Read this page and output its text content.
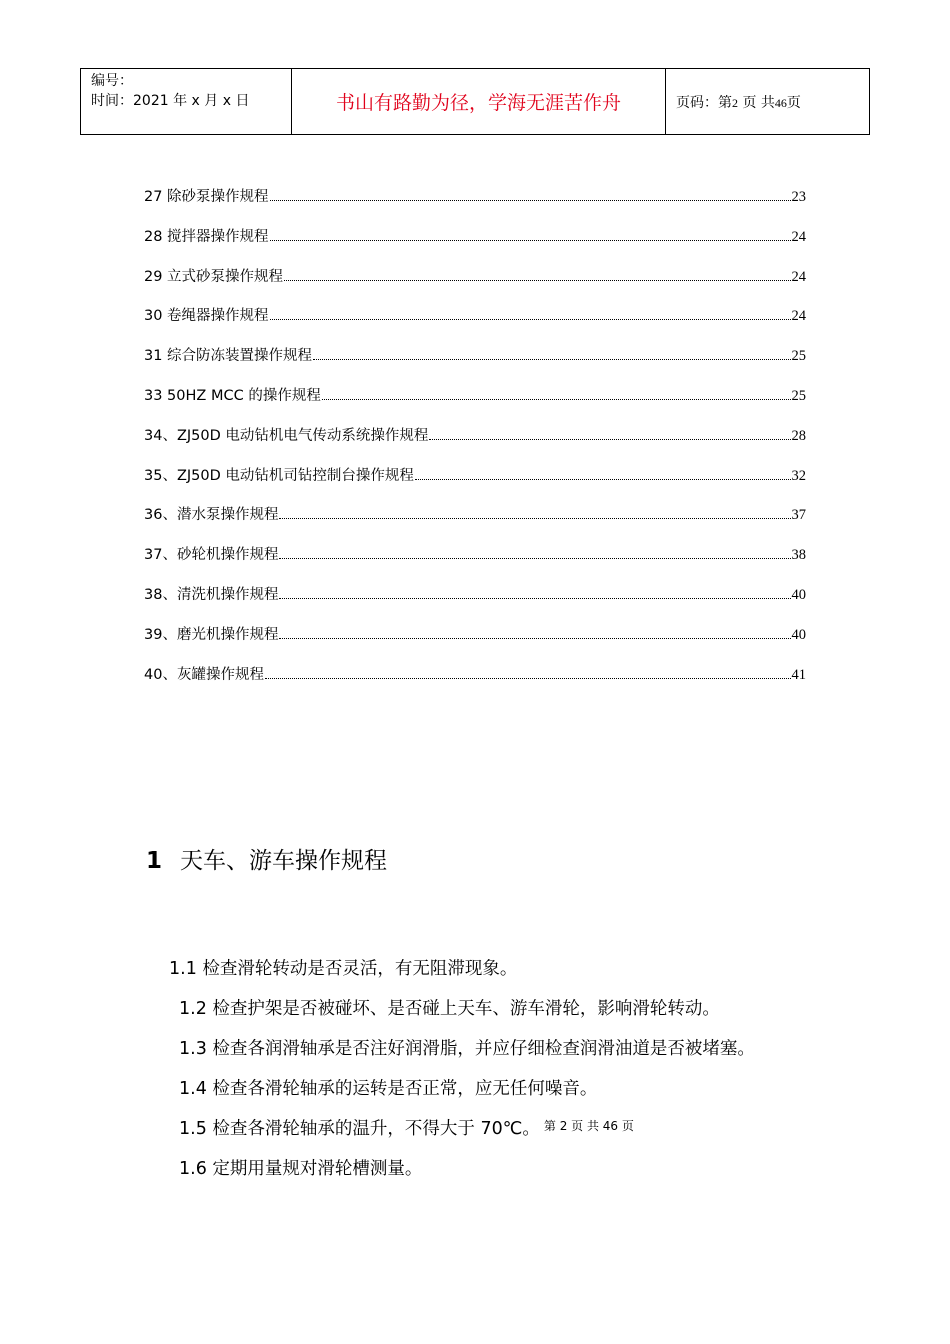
编号：
时间：2021 年 x 月 x 日	书山有路勤为径，学海无涯苦作舟	页码：第2 页 共46页
27 除砂泵操作规程	23
28 搅拌器操作规程	24
29 立式砂泵操作规程	24
30 卷绳器操作规程	24
31 综合防冻装置操作规程	25
33 50HZ MCC 的操作规程	25
34、ZJ50D 电动钻机电气传动系统操作规程	28
35、ZJ50D 电动钻机司钻控制台操作规程	32
36、潜水泵操作规程	37
37、砂轮机操作规程	38
38、清洗机操作规程	40
39、磨光机操作规程	40
40、灰罐操作规程	41
1 天车、游车操作规程
1.1 检查滑轮转动是否灵活，有无阻滞现象。
1.2 检查护架是否被碰坏、是否碰上天车、游车滑轮，影响滑轮转动。
1.3 检查各润滑轴承是否注好润滑脂，并应仔细检查润滑油道是否被堵塞。
1.4 检查各滑轮轴承的运转是否正常，应无任何噪音。
1.5 检查各滑轮轴承的温升，不得大于 70℃。 $^{第 2 页 共 46 页}$
1.6 定期用量规对滑轮槽测量。
